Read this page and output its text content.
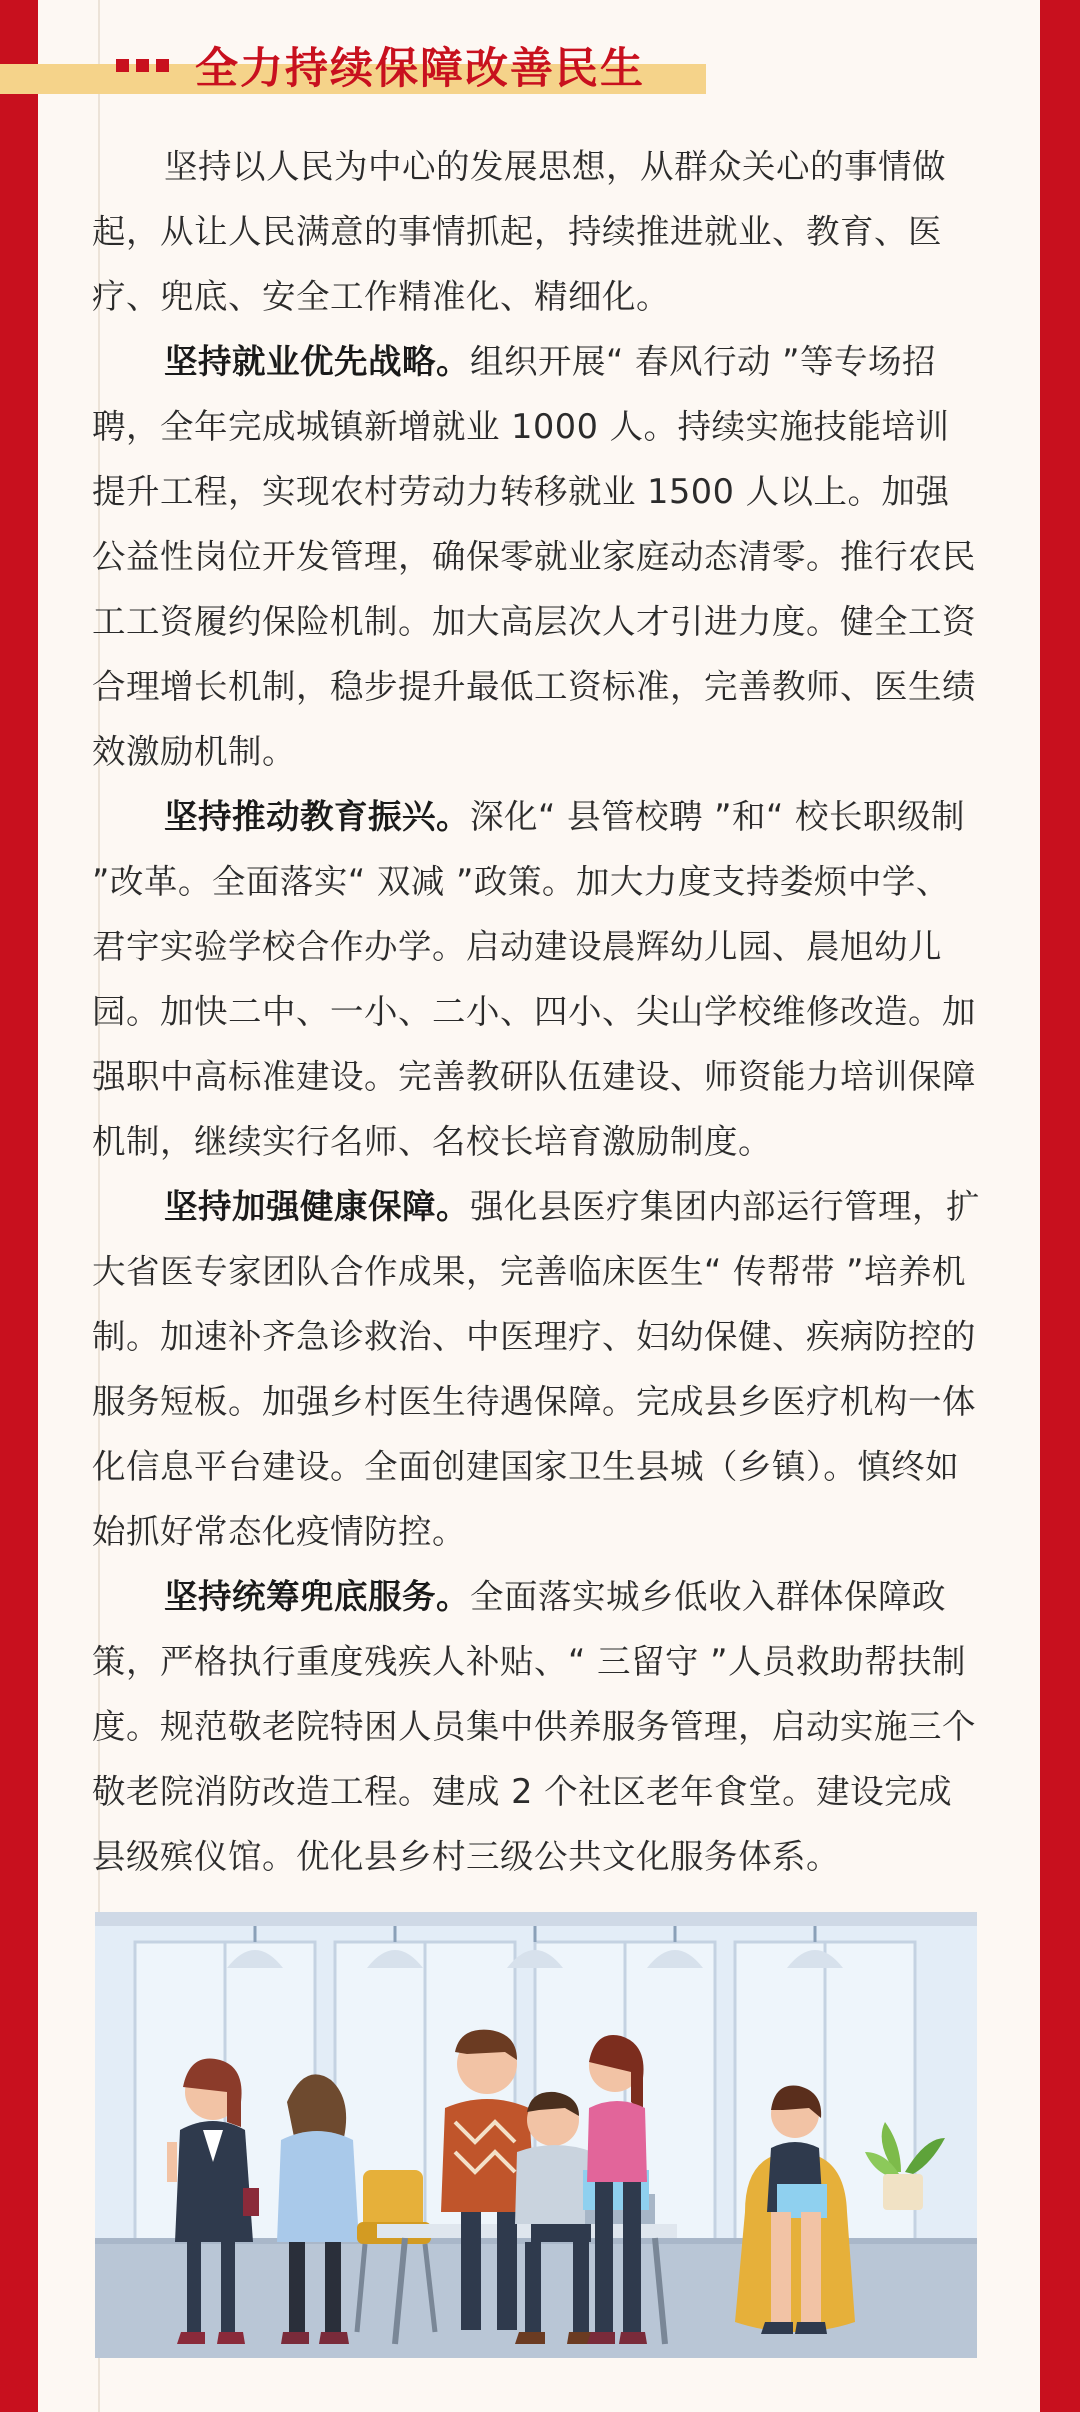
全力持续保障改善民生

坚持以人民为中心的发展思想，从群众关心的事情做起，从让人民满意的事情抓起，持续推进就业、教育、医疗、兜底、安全工作精准化、精细化。

坚持就业优先战略。组织开展“ 春风行动 ”等专场招聘，全年完成城镇新增就业 1000 人。持续实施技能培训提升工程，实现农村劳动力转移就业 1500 人以上。加强公益性岗位开发管理，确保零就业家庭动态清零。推行农民工工资履约保险机制。加大高层次人才引进力度。健全工资合理增长机制，稳步提升最低工资标准，完善教师、医生绩效激励机制。

坚持推动教育振兴。深化“ 县管校聘 ”和“ 校长职级制 ”改革。全面落实“ 双减 ”政策。加大力度支持娄烦中学、君宇实验学校合作办学。启动建设晨辉幼儿园、晨旭幼儿园。加快二中、一小、二小、四小、尖山学校维修改造。加强职中高标准建设。完善教研队伍建设、师资能力培训保障机制，继续实行名师、名校长培育激励制度。

坚持加强健康保障。强化县医疗集团内部运行管理，扩大省医专家团队合作成果，完善临床医生“ 传帮带 ”培养机制。加速补齐急诊救治、中医理疗、妇幼保健、疾病防控的服务短板。加强乡村医生待遇保障。完成县乡医疗机构一体化信息平台建设。全面创建国家卫生县城（乡镇）。慎终如始抓好常态化疫情防控。

坚持统筹兜底服务。全面落实城乡低收入群体保障政策，严格执行重度残疾人补贴、“ 三留守 ”人员救助帮扶制度。规范敬老院特困人员集中供养服务管理，启动实施三个敬老院消防改造工程。建成 2 个社区老年食堂。建设完成县级殡仪馆。优化县乡村三级公共文化服务体系。
